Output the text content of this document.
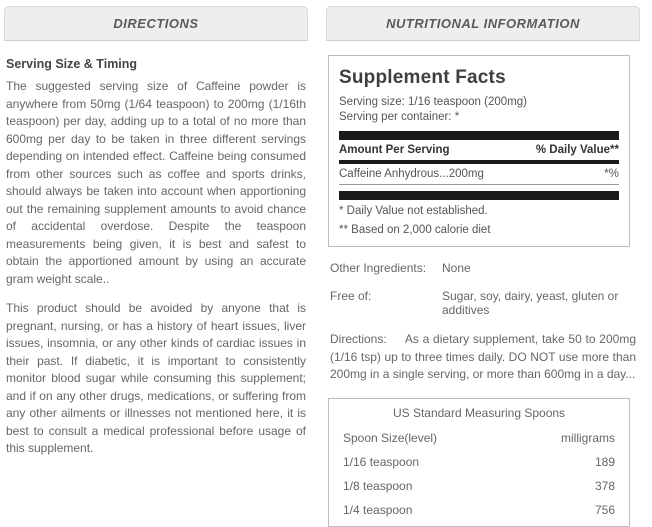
DIRECTIONS
Serving Size & Timing

The suggested serving size of Caffeine powder is anywhere from 50mg (1/64 teaspoon) to 200mg (1/16th teaspoon) per day, adding up to a total of no more than 600mg per day to be taken in three different servings depending on intended effect. Caffeine being consumed from other sources such as coffee and sports drinks, should always be taken into account when apportioning out the remaining supplement amounts to avoid chance of accidental overdose. Despite the teaspoon measurements being given, it is best and safest to obtain the apportioned amount by using an accurate gram weight scale..

This product should be avoided by anyone that is pregnant, nursing, or has a history of heart issues, liver issues, insomnia, or any other kinds of cardiac issues in their past. If diabetic, it is important to consistently monitor blood sugar while consuming this supplement; and if on any other drugs, medications, or suffering from any other ailments or illnesses not mentioned here, it is best to consult a medical professional before usage of this supplement.

NUTRITIONAL INFORMATION
Supplement Facts
Serving size: 1/16 teaspoon (200mg)
Serving per container: *
Amount Per Serving	% Daily Value**
Caffeine Anhydrous...200mg	*%
* Daily Value not established.
** Based on 2,000 calorie diet
Other Ingredients:	None
Free of:	Sugar, soy, dairy, yeast, gluten or additives
Directions: As a dietary supplement, take 50 to 200mg (1/16 tsp) up to three times daily. DO NOT use more than 200mg in a single serving, or more than 600mg in a day...
US Standard Measuring Spoons
Spoon Size(level)	milligrams
1/16 teaspoon	189
1/8 teaspoon	378
1/4 teaspoon	756
